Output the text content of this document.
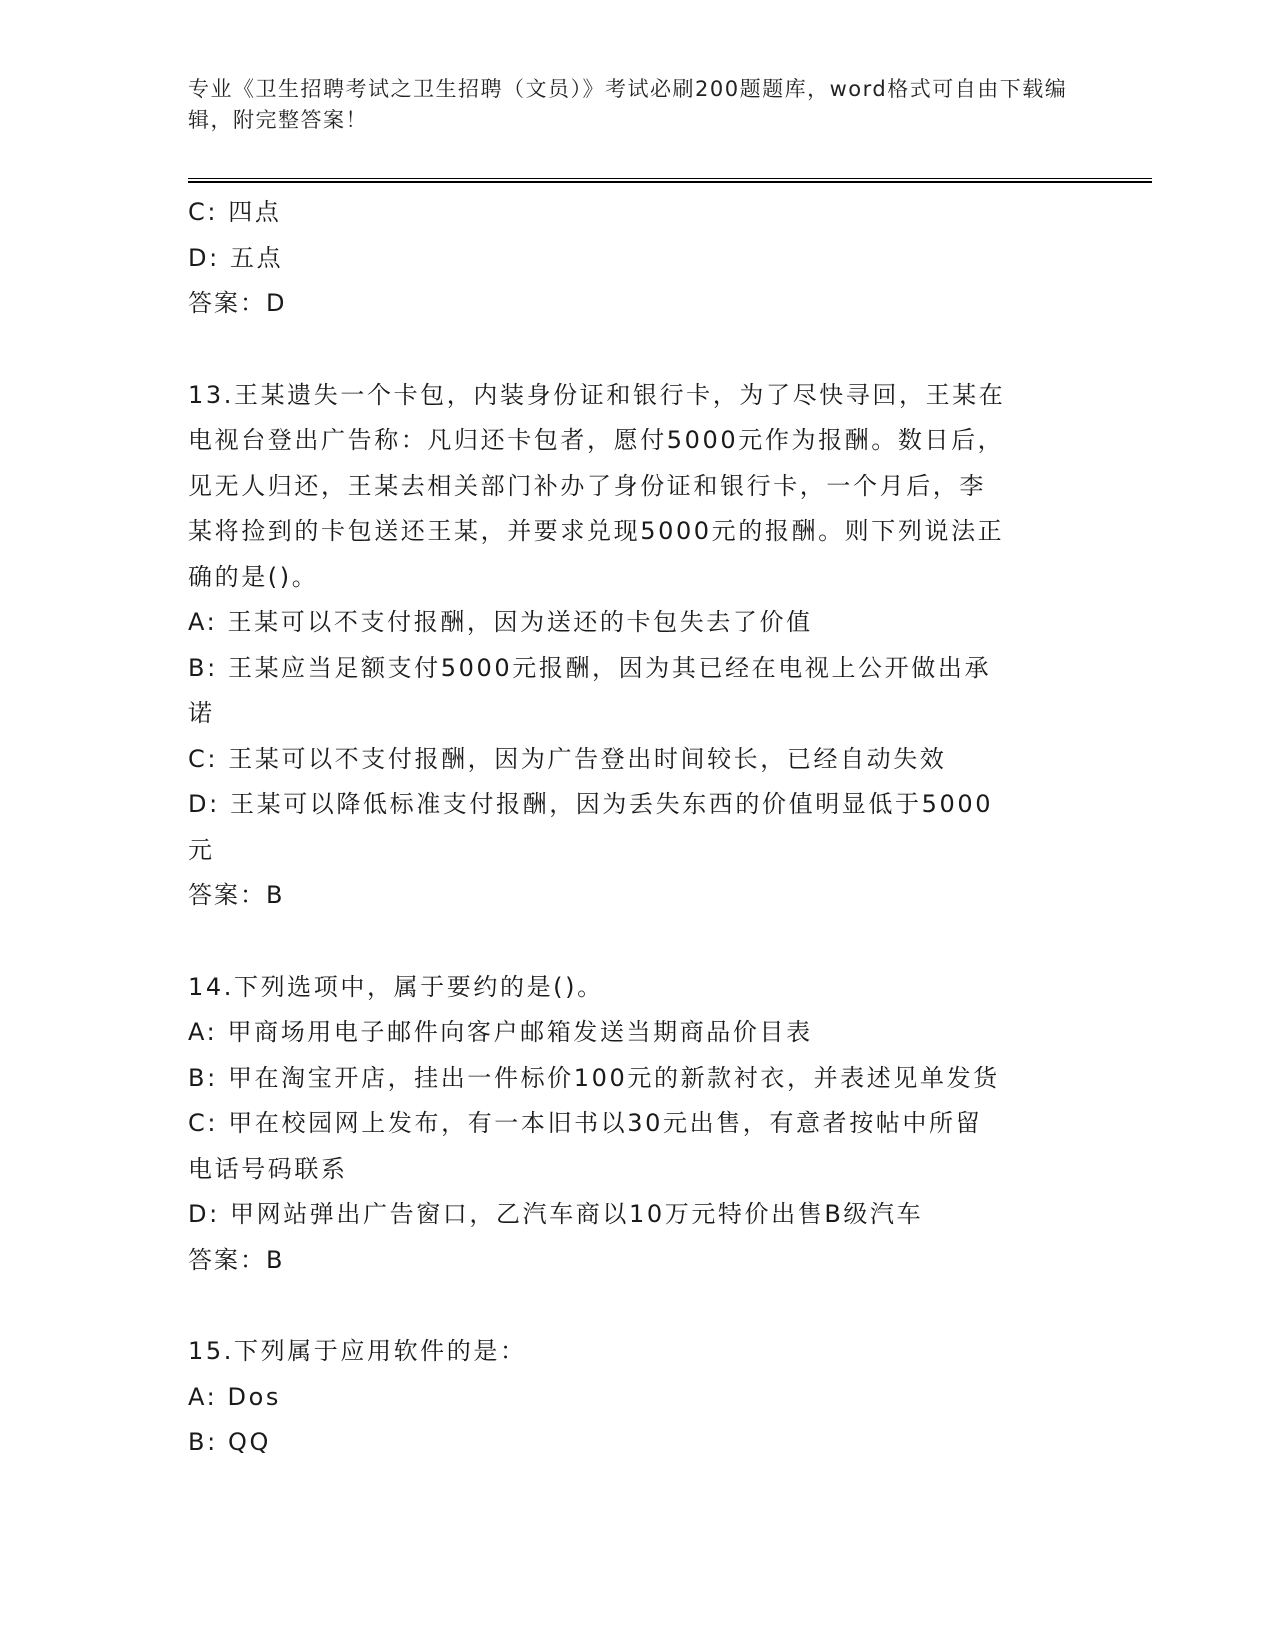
专业《卫生招聘考试之卫生招聘（文员）》考试必刷200题题库，word格式可自由下载编辑，附完整答案！
C: 四点
D: 五点
答案：D
13.王某遗失一个卡包，内装身份证和银行卡，为了尽快寻回，王某在
电视台登出广告称：凡归还卡包者，愿付5000元作为报酬。数日后，
见无人归还，王某去相关部门补办了身份证和银行卡，一个月后，李
某将捡到的卡包送还王某，并要求兑现5000元的报酬。则下列说法正
确的是()。
A: 王某可以不支付报酬，因为送还的卡包失去了价值
B: 王某应当足额支付5000元报酬，因为其已经在电视上公开做出承
诺
C: 王某可以不支付报酬，因为广告登出时间较长，已经自动失效
D: 王某可以降低标准支付报酬，因为丢失东西的价值明显低于5000
元
答案：B
14.下列选项中，属于要约的是()。
A: 甲商场用电子邮件向客户邮箱发送当期商品价目表
B: 甲在淘宝开店，挂出一件标价100元的新款衬衣，并表述见单发货
C: 甲在校园网上发布，有一本旧书以30元出售，有意者按帖中所留
电话号码联系
D: 甲网站弹出广告窗口，乙汽车商以10万元特价出售B级汽车
答案：B
15.下列属于应用软件的是：
A: Dos
B: QQ
